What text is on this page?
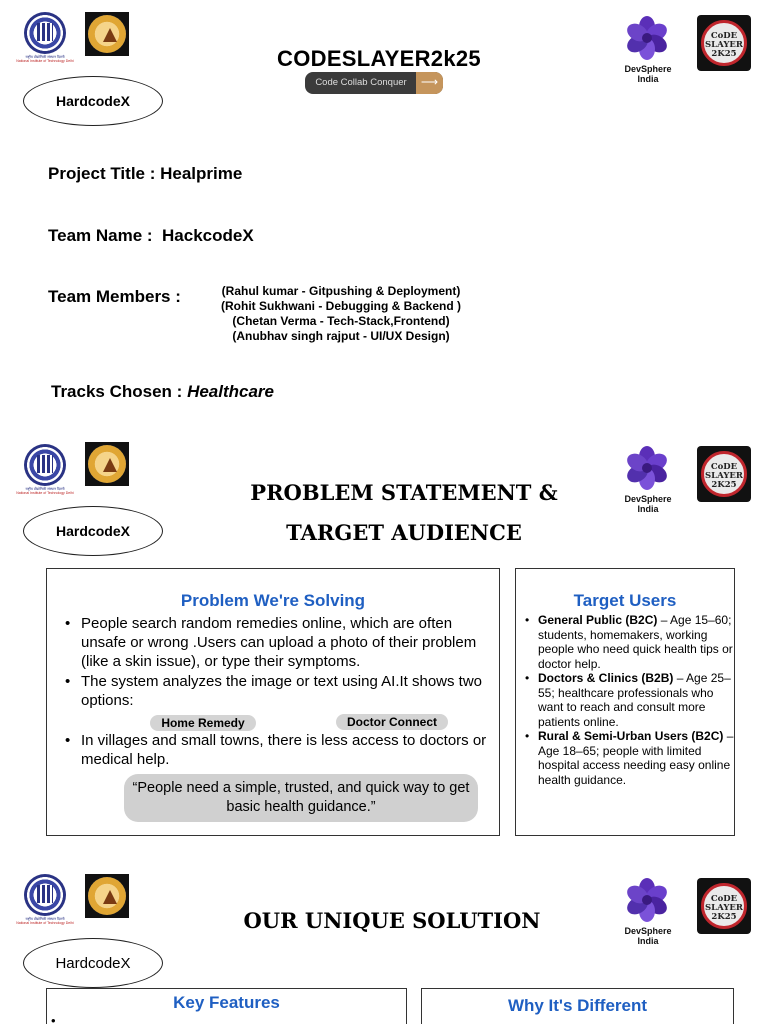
राष्ट्रीय प्रौद्योगिकी संस्थान दिल्ली
National Institute of Technology Delhi	CODESLAYER2k25
Code Collab Conquer	⟶
DevSphere
India
CoDE
SLAYER
2K25
HardcodeX
Project Title : Healprime
Team Name :  HackcodeX
Team Members :	(Rahul kumar - Gitpushing & Deployment)
(Rohit Sukhwani - Debugging & Backend )
(Chetan Verma - Tech-Stack,Frontend)
(Anubhav singh rajput - UI/UX Design)
Tracks Chosen : Healthcare
राष्ट्रीय प्रौद्योगिकी संस्थान दिल्ली
National Institute of Technology Delhi
DevSphere
India
CoDE
SLAYER
2K25
PROBLEM STATEMENT &
TARGET AUDIENCE
HardcodeX
Problem We're Solving
• People search random remedies online, which are often unsafe or wrong .Users can upload a photo of their problem (like a skin issue), or type their symptoms.
• The system analyzes the image or text using AI.It shows two options:
• In villages and small towns, there is less access to doctors or medical help.
Home Remedy	Doctor Connect
“People need a simple, trusted, and quick way to get basic health guidance.”
Target Users
• General Public (B2C) – Age 15–60; students, homemakers, working people who need quick health tips or doctor help.
• Doctors & Clinics (B2B) – Age 25–55; healthcare professionals who want to reach and consult more patients online.
• Rural & Semi-Urban Users (B2C) – Age 18–65; people with limited hospital access needing easy online health guidance.
राष्ट्रीय प्रौद्योगिकी संस्थान दिल्ली
National Institute of Technology Delhi
DevSphere
India
CoDE
SLAYER
2K25
OUR UNIQUE SOLUTION
HardcodeX
Key Features
•
Why It's Different
